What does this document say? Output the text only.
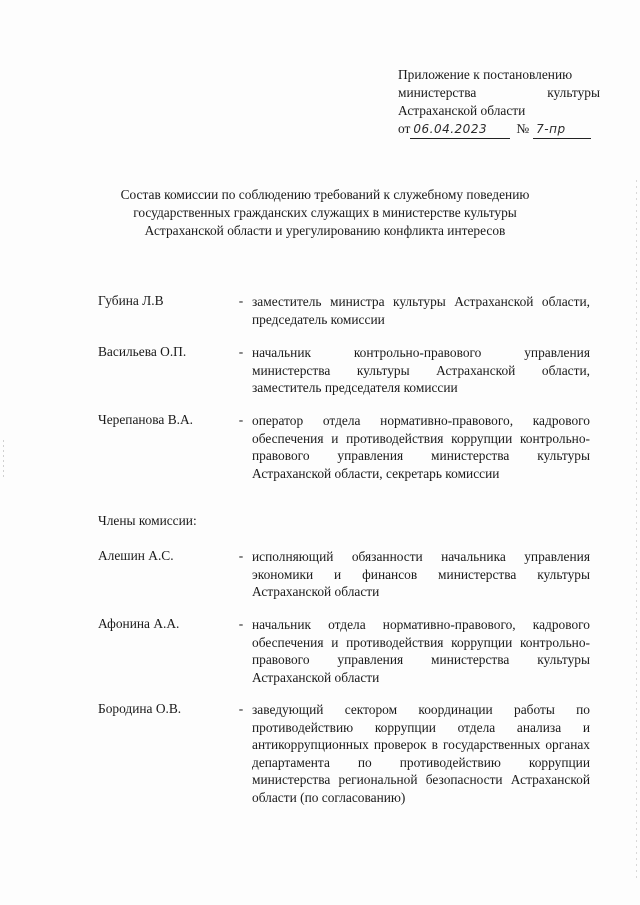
Приложение к постановлению
министерства	культуры
Астраханской области
от 06.04.2023	№ 7-пр
Состав комиссии по соблюдению требований к служебному поведению
государственных гражданских служащих в министерстве культуры
Астраханской области и урегулированию конфликта интересов
Губина Л.В	- заместитель министра культуры Астраханской области, председатель комиссии
Васильева О.П.	- начальник контрольно-правового управления министерства культуры Астраханской области, заместитель председателя комиссии
Черепанова В.А.	- оператор отдела нормативно-правового, кадрового обеспечения и противодействия коррупции контрольно-правового управления министерства культуры Астраханской области, секретарь комиссии
Члены комиссии:
Алешин А.С.	- исполняющий обязанности начальника управления экономики и финансов министерства культуры Астраханской области
Афонина А.А.	- начальник отдела нормативно-правового, кадрового обеспечения и противодействия коррупции контрольно-правового управления министерства культуры Астраханской области
Бородина О.В.	- заведующий сектором координации работы по противодействию коррупции отдела анализа и антикоррупционных проверок в государственных органах департамента по противодействию коррупции министерства региональной безопасности Астраханской области (по согласованию)
